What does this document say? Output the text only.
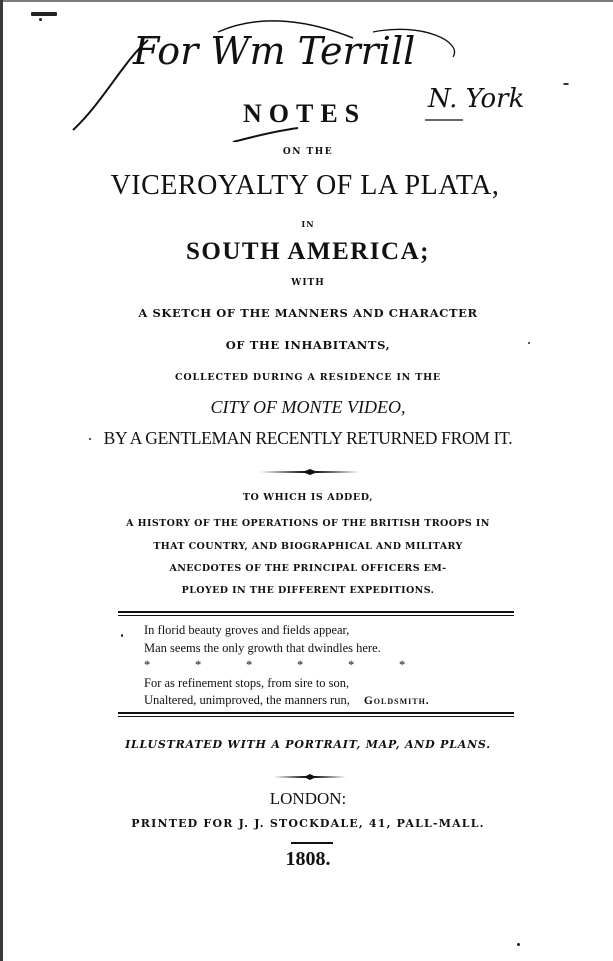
For Wm Terrill
N. York
NOTES
ON THE
VICEROYALTY OF LA PLATA,
IN
SOUTH AMERICA;
WITH
A SKETCH OF THE MANNERS AND CHARACTER
OF THE INHABITANTS,
COLLECTED DURING A RESIDENCE IN THE
CITY OF MONTE VIDEO,
BY A GENTLEMAN RECENTLY RETURNED FROM IT.
TO WHICH IS ADDED,
A HISTORY OF THE OPERATIONS OF THE BRITISH TROOPS IN
THAT COUNTRY, AND BIOGRAPHICAL AND MILITARY
ANECDOTES OF THE PRINCIPAL OFFICERS EM-
PLOYED IN THE DIFFERENT EXPEDITIONS.
In florid beauty groves and fields appear,
Man seems the only growth that dwindles here.
*	*	*	*	*	*
For as refinement stops, from sire to son,
Unaltered, unimproved, the manners run, Goldsmith.
ILLUSTRATED WITH A PORTRAIT, MAP, AND PLANS.
LONDON:
PRINTED FOR J. J. STOCKDALE, 41, PALL-MALL.
1808.
